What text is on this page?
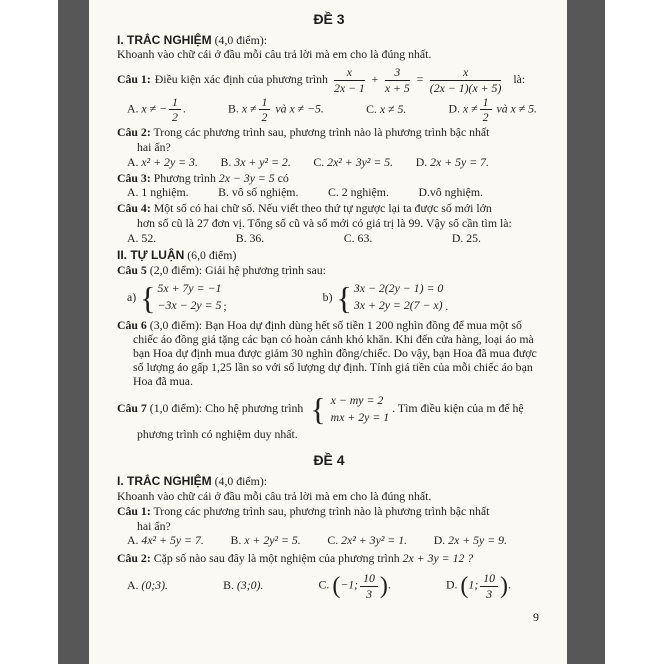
ĐỀ 3
I. TRẮC NGHIỆM (4,0 điểm):
Khoanh vào chữ cái ở đầu mỗi câu trả lời mà em cho là đúng nhất.
Câu 1: Điều kiện xác định của phương trình $\frac{x}{2x - 1} + \frac{3}{x + 5} = \frac{x}{(2x - 1)(x + 5)}$ là:
A. x ≠ − $\frac{1}{2}$ .	B. $x \ne \frac{1}{2}$ và x ≠ −5.	C. x ≠ 5.	D. $x \ne \frac{1}{2}$ và x ≠ 5.
Câu 2: Trong các phương trình sau, phương trình nào là phương trình bậc nhất
hai ẩn?
A. x² + 2y = 3. B. 3x + y² = 2. C. 2x² + 3y² = 5. D. 2x + 5y = 7.
Câu 3: Phương trình 2x − 3y = 5 có
A. 1 nghiệm.	B. vô số nghiệm.	C. 2 nghiệm.	D.vô nghiệm.
Câu 4: Một số có hai chữ số. Nếu viết theo thứ tự ngược lại ta được số mới lớn
hơn số cũ là 27 đơn vị. Tổng số cũ và số mới có giá trị là 99. Vậy số cần tìm là:
A. 52.	B. 36.	C. 63.	D. 25.
II. TỰ LUẬN (6,0 điểm)
Câu 5 (2,0 điểm): Giải hệ phương trình sau:
a) { 5x + 7y = −1
−3x − 2y = 5 ;
b) { 3x − 2(2y − 1) = 0
3x + 2y = 2(7 − x) .
Câu 6 (3,0 điểm): Bạn Hoa dự định dùng hết số tiền 1 200 nghìn đồng để mua một số chiếc áo đồng giá tặng các bạn có hoàn cảnh khó khăn. Khi đến cửa hàng, loại áo mà bạn Hoa dự định mua được giảm 30 nghìn đồng/chiếc. Do vậy, bạn Hoa đã mua được số lượng áo gấp 1,25 lần so với số lượng dự định. Tính giá tiền của mỗi chiếc áo bạn Hoa đã mua.
Câu 7 (1,0 điểm): Cho hệ phương trình { x − my = 2
mx + 2y = 1
. Tìm điều kiện của m để hệ
phương trình có nghiệm duy nhất.
ĐỀ 4
I. TRẮC NGHIỆM (4,0 điểm):
Khoanh vào chữ cái ở đầu mỗi câu trả lời mà em cho là đúng nhất.
Câu 1: Trong các phương trình sau, phương trình nào là phương trình bậc nhất
hai ẩn?
A. 4x² + 5y = 7. B. x + 2y² = 5. C. 2x² + 3y² = 1. D. 2x + 5y = 9.
Câu 2: Cặp số nào sau đây là một nghiệm của phương trình 2x + 3y = 12 ?
A. (0;3).	B. (3;0).	C. (−1; $\frac{10}{3}$ ).	D. (1; $\frac{10}{3}$ ).
9
